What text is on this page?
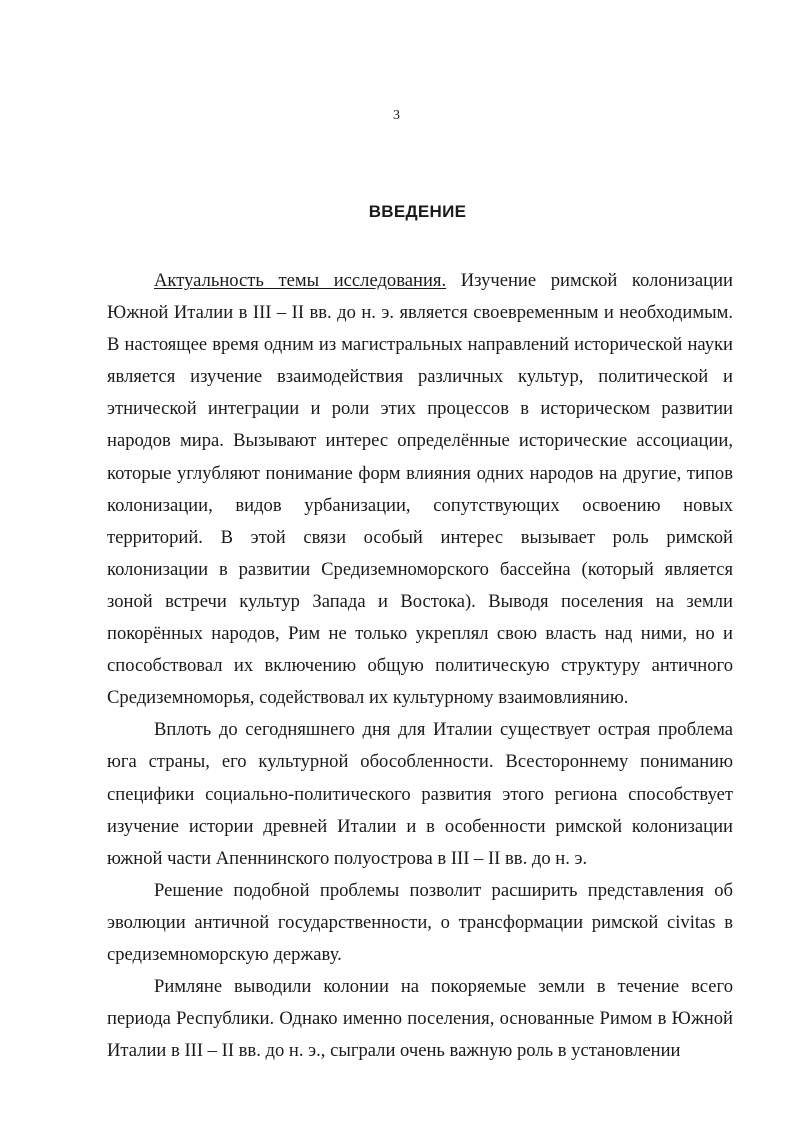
3
ВВЕДЕНИЕ

Актуальность темы исследования. Изучение римской колонизации Южной Италии в III – II вв. до н. э. является своевременным и необходимым. В настоящее время одним из магистральных направлений исторической науки является изучение взаимодействия различных культур, политической и этнической интеграции и роли этих процессов в историческом развитии народов мира. Вызывают интерес определённые исторические ассоциации, которые углубляют понимание форм влияния одних народов на другие, типов колонизации, видов урбанизации, сопутствующих освоению новых территорий. В этой связи особый интерес вызывает роль римской колонизации в развитии Средиземноморского бассейна (который является зоной встречи культур Запада и Востока). Выводя поселения на земли покорённых народов, Рим не только укреплял свою власть над ними, но и способствовал их включению общую политическую структуру античного Средиземноморья, содействовал их культурному взаимовлиянию.

Вплоть до сегодняшнего дня для Италии существует острая проблема юга страны, его культурной обособленности. Всестороннему пониманию специфики социально-политического развития этого региона способствует изучение истории древней Италии и в особенности римской колонизации южной части Апеннинского полуострова в III – II вв. до н. э.

Решение подобной проблемы позволит расширить представления об эволюции античной государственности, о трансформации римской civitas в средиземноморскую державу.

Римляне выводили колонии на покоряемые земли в течение всего периода Республики. Однако именно поселения, основанные Римом в Южной Италии в III – II вв. до н. э., сыграли очень важную роль в установлении
